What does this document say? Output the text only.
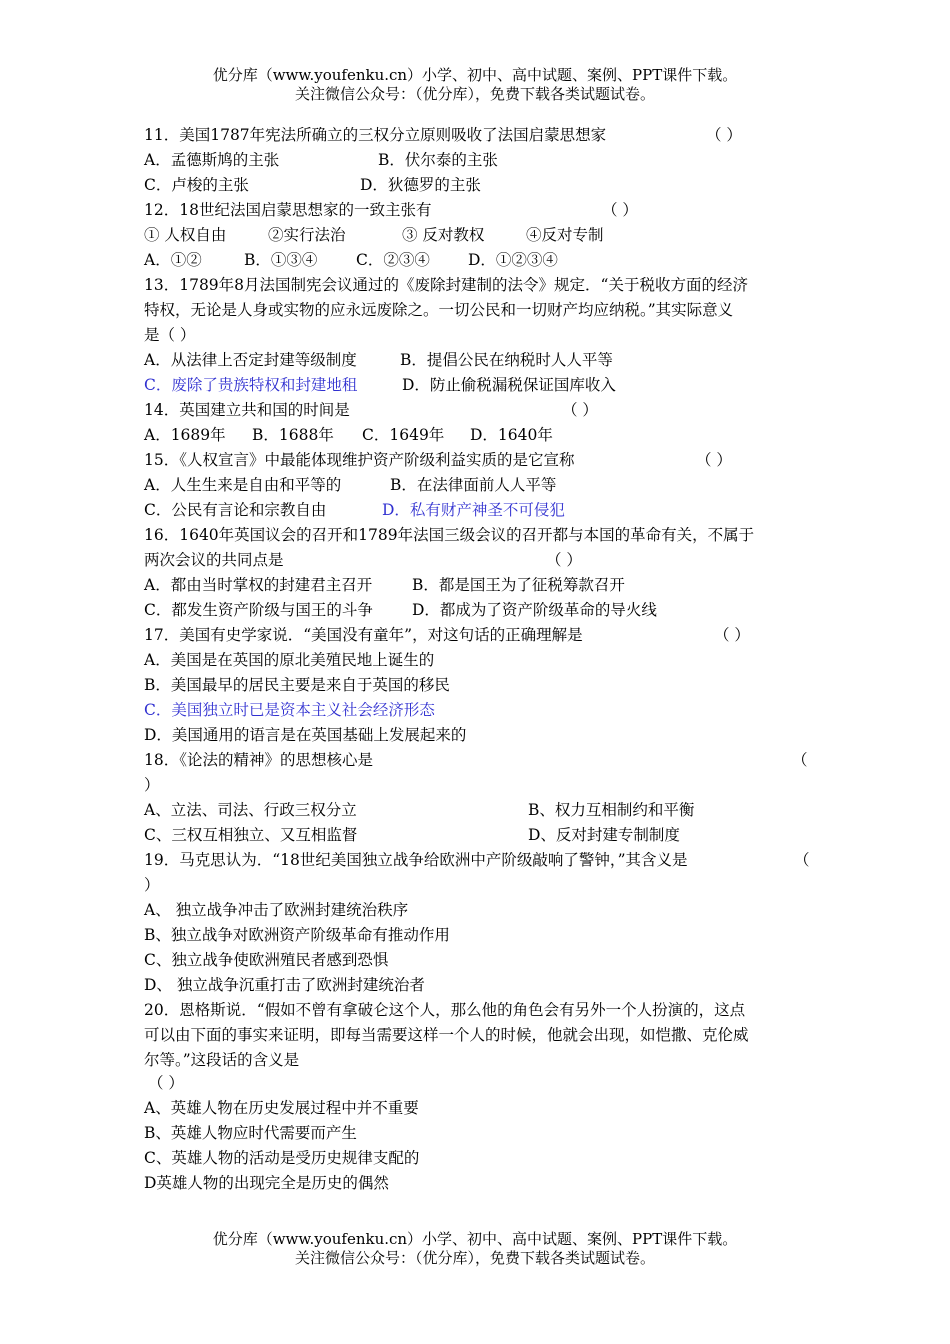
优分库（www.youfenku.cn）小学、初中、高中试题、案例、PPT课件下载。
关注微信公众号：（优分库），免费下载各类试题试卷。
11．美国1787年宪法所确立的三权分立原则吸收了法国启蒙思想家	（ ）
A．孟德斯鸠的主张	B．伏尔泰的主张
C．卢梭的主张	D．狄德罗的主张
12．18世纪法国启蒙思想家的一致主张有	（ ）
① 人权自由	②实行法治	③ 反对教权	④反对专制
A．①②	B．①③④ C．②③④ D．①②③④
13．1789年8月法国制宪会议通过的《废除封建制的法令》规定．“关于税收方面的经济
特权，无论是人身或实物的应永远废除之。一切公民和一切财产均应纳税。”其实际意义
是（ ）
A．从法律上否定封建等级制度	B．提倡公民在纳税时人人平等
C．废除了贵族特权和封建地租	D．防止偷税漏税保证国库收入
14．英国建立共和国的时间是	（ ）
A．1689年 B．1688年 C．1649年 D．1640年
15．《人权宣言》中最能体现维护资产阶级利益实质的是它宣称	（ ）
A．人生生来是自由和平等的	B．在法律面前人人平等
C．公民有言论和宗教自由	D．私有财产神圣不可侵犯
16．1640年英国议会的召开和1789年法国三级会议的召开都与本国的革命有关，不属于
两次会议的共同点是	（ ）
A．都由当时掌权的封建君主召开	B．都是国王为了征税筹款召开
C．都发生资产阶级与国王的斗争	D．都成为了资产阶级革命的导火线
17．美国有史学家说．“美国没有童年”，对这句话的正确理解是	（ ）
A．美国是在英国的原北美殖民地上诞生的
B．美国最早的居民主要是来自于英国的移民
C．美国独立时已是资本主义社会经济形态
D．美国通用的语言是在英国基础上发展起来的
18．《论法的精神》的思想核心是	（
）
A、立法、司法、行政三权分立	B、权力互相制约和平衡
C、三权互相独立、又互相监督	D、反对封建专制制度
19．马克思认为．“18世纪美国独立战争给欧洲中产阶级敲响了警钟，”其含义是	（
）
A、 独立战争冲击了欧洲封建统治秩序
B、独立战争对欧洲资产阶级革命有推动作用
C、独立战争使欧洲殖民者感到恐惧
D、 独立战争沉重打击了欧洲封建统治者
20．恩格斯说．“假如不曾有拿破仑这个人，那么他的角色会有另外一个人扮演的，这点
可以由下面的事实来证明，即每当需要这样一个人的时候，他就会出现，如恺撒、克伦威
尔等。”这段话的含义是
（ ）
A、英雄人物在历史发展过程中并不重要
B、英雄人物应时代需要而产生
C、英雄人物的活动是受历史规律支配的
D英雄人物的出现完全是历史的偶然
优分库（www.youfenku.cn）小学、初中、高中试题、案例、PPT课件下载。
关注微信公众号：（优分库），免费下载各类试题试卷。
